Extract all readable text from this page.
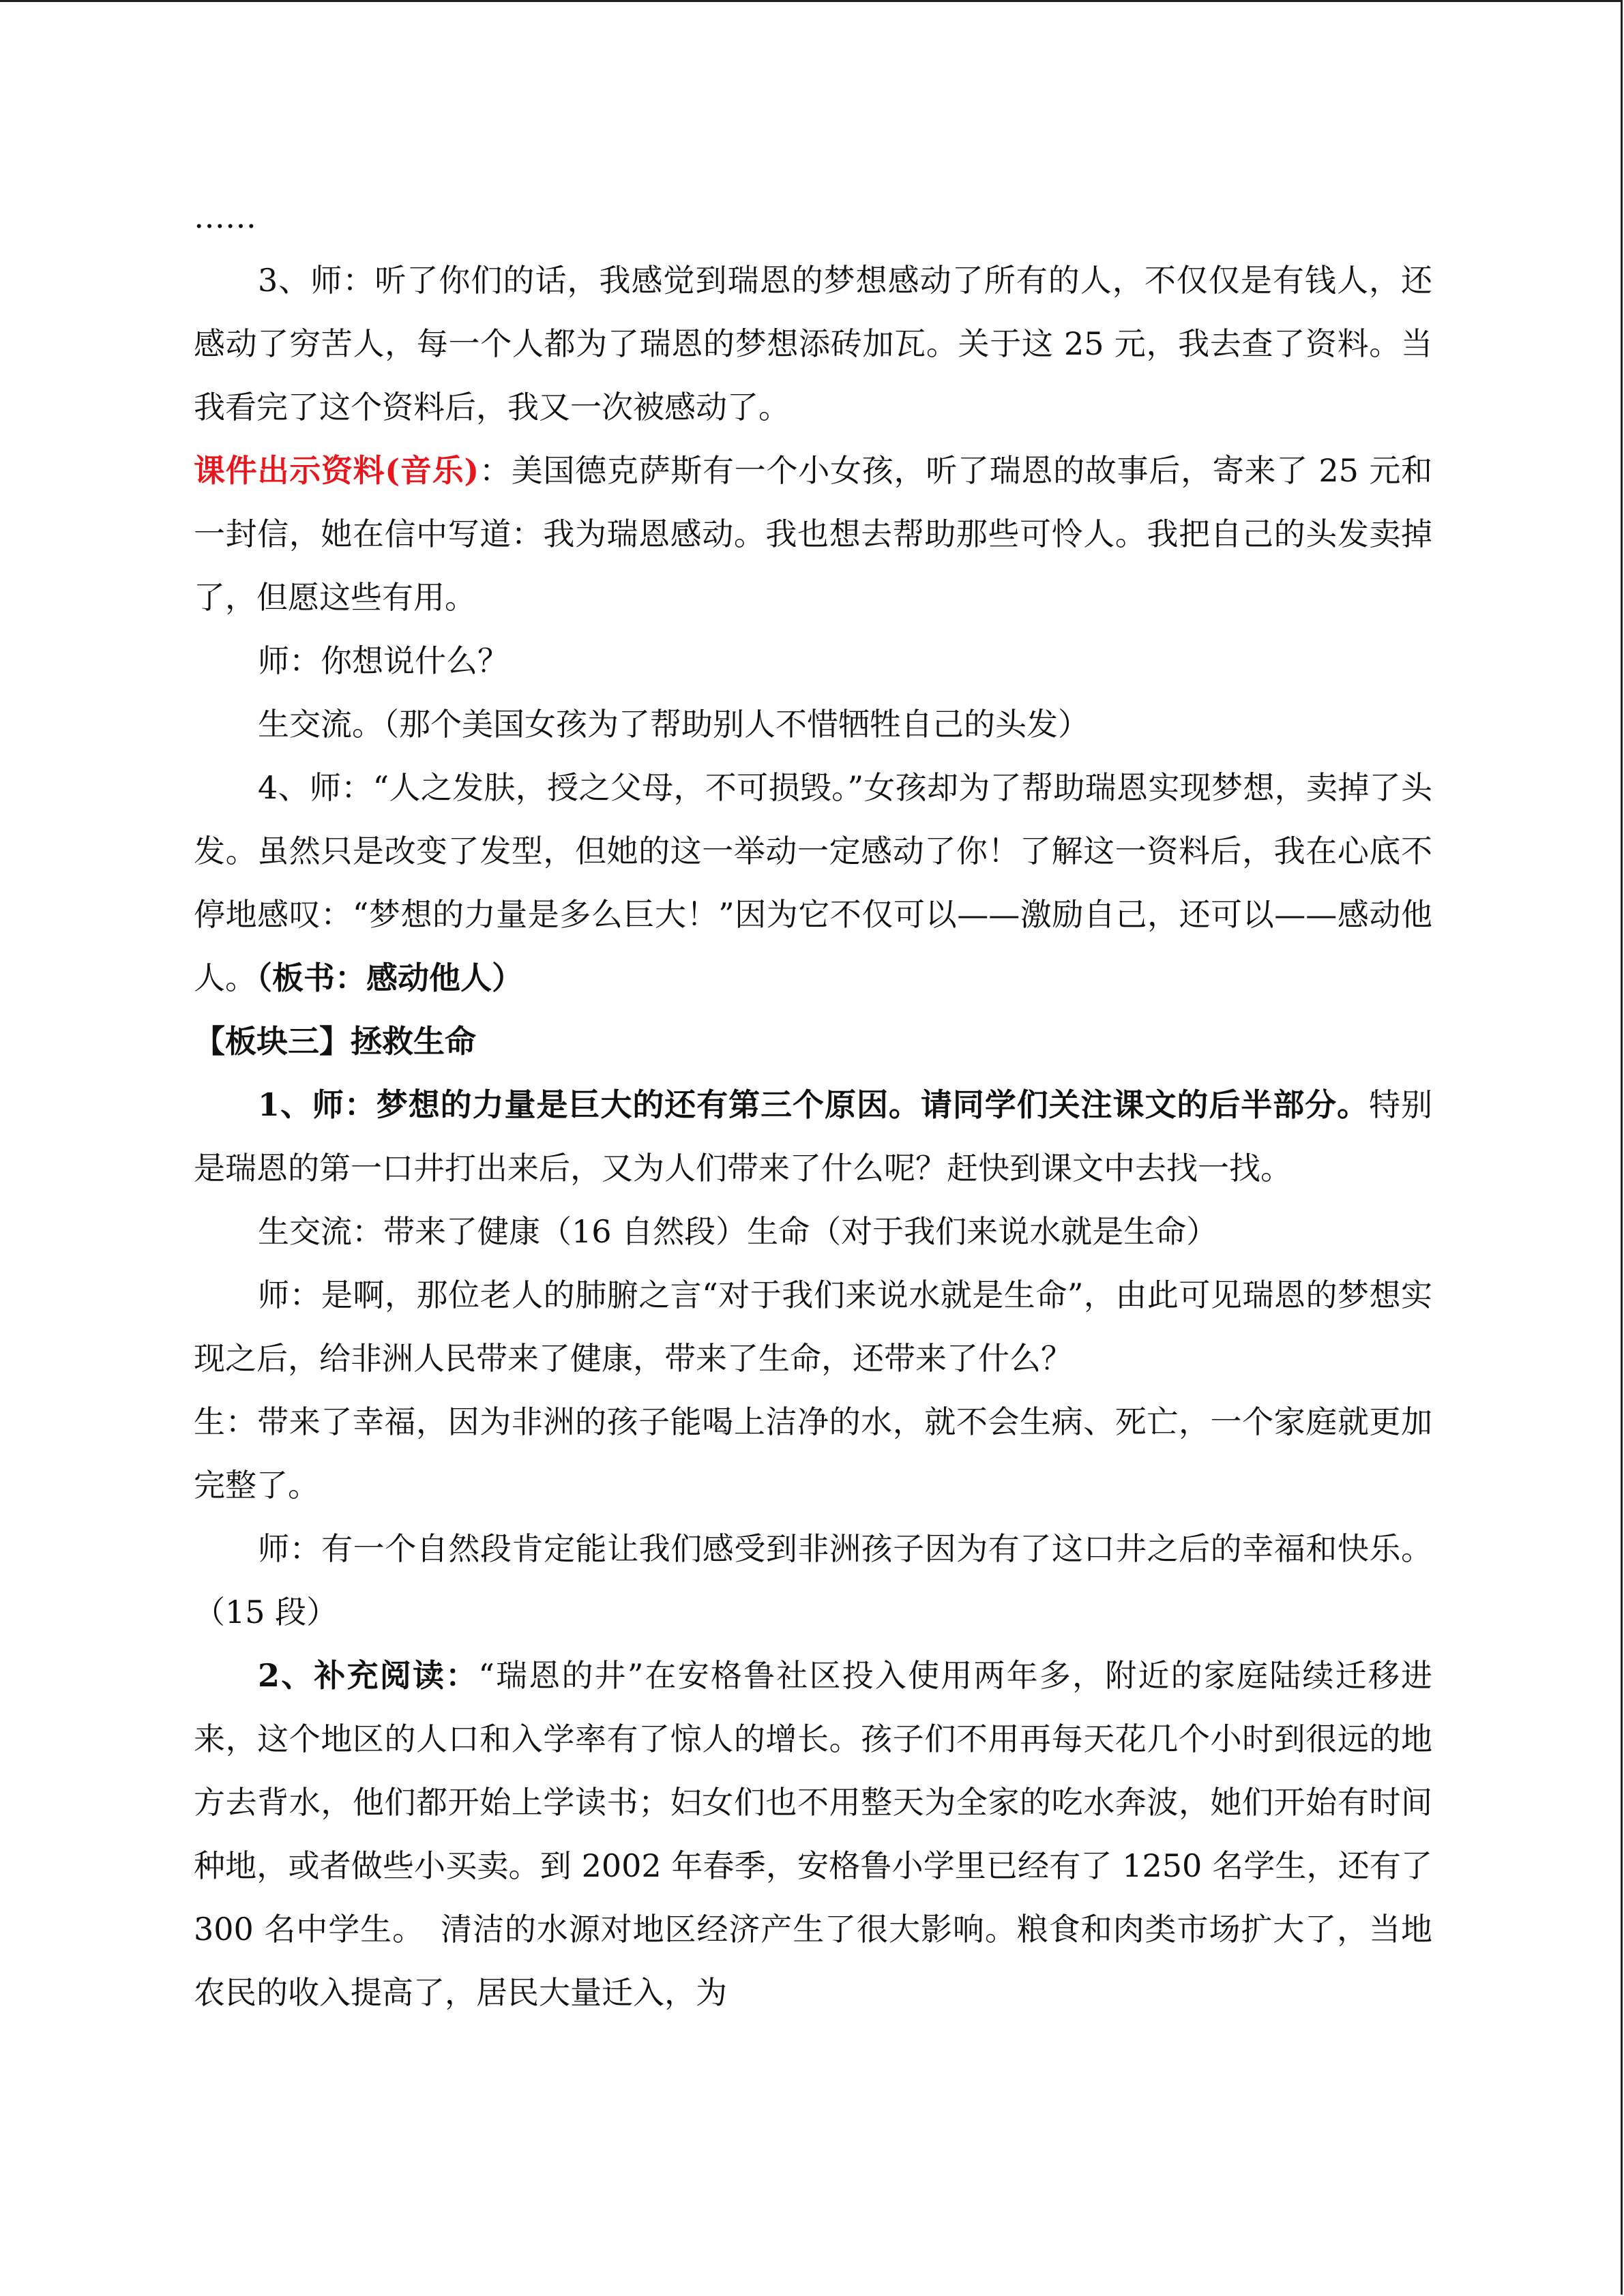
……

3、师：听了你们的话，我感觉到瑞恩的梦想感动了所有的人，不仅仅是有钱人，还感动了穷苦人，每一个人都为了瑞恩的梦想添砖加瓦。关于这 25 元，我去查了资料。当我看完了这个资料后，我又一次被感动了。

课件出示资料(音乐)：美国德克萨斯有一个小女孩，听了瑞恩的故事后，寄来了 25 元和一封信，她在信中写道：我为瑞恩感动。我也想去帮助那些可怜人。我把自己的头发卖掉了，但愿这些有用。

师：你想说什么？

生交流。（那个美国女孩为了帮助别人不惜牺牲自己的头发）

4、师：“人之发肤，授之父母，不可损毁。”女孩却为了帮助瑞恩实现梦想，卖掉了头发。虽然只是改变了发型，但她的这一举动一定感动了你！了解这一资料后，我在心底不停地感叹：“梦想的力量是多么巨大！”因为它不仅可以——激励自己，还可以——感动他人。（板书：感动他人）

【板块三】拯救生命

1、师：梦想的力量是巨大的还有第三个原因。请同学们关注课文的后半部分。特别是瑞恩的第一口井打出来后，又为人们带来了什么呢？赶快到课文中去找一找。

生交流：带来了健康（16 自然段）生命（对于我们来说水就是生命）

师：是啊，那位老人的肺腑之言“对于我们来说水就是生命”，由此可见瑞恩的梦想实现之后，给非洲人民带来了健康，带来了生命，还带来了什么？

生：带来了幸福，因为非洲的孩子能喝上洁净的水，就不会生病、死亡，一个家庭就更加完整了。

师：有一个自然段肯定能让我们感受到非洲孩子因为有了这口井之后的幸福和快乐。（15 段）

2、补充阅读：“瑞恩的井”在安格鲁社区投入使用两年多，附近的家庭陆续迁移进来，这个地区的人口和入学率有了惊人的增长。孩子们不用再每天花几个小时到很远的地方去背水，他们都开始上学读书；妇女们也不用整天为全家的吃水奔波，她们开始有时间种地，或者做些小买卖。到 2002 年春季，安格鲁小学里已经有了 1250 名学生，还有了 300 名中学生。　清洁的水源对地区经济产生了很大影响。粮食和肉类市场扩大了，当地农民的收入提高了，居民大量迁入，为
